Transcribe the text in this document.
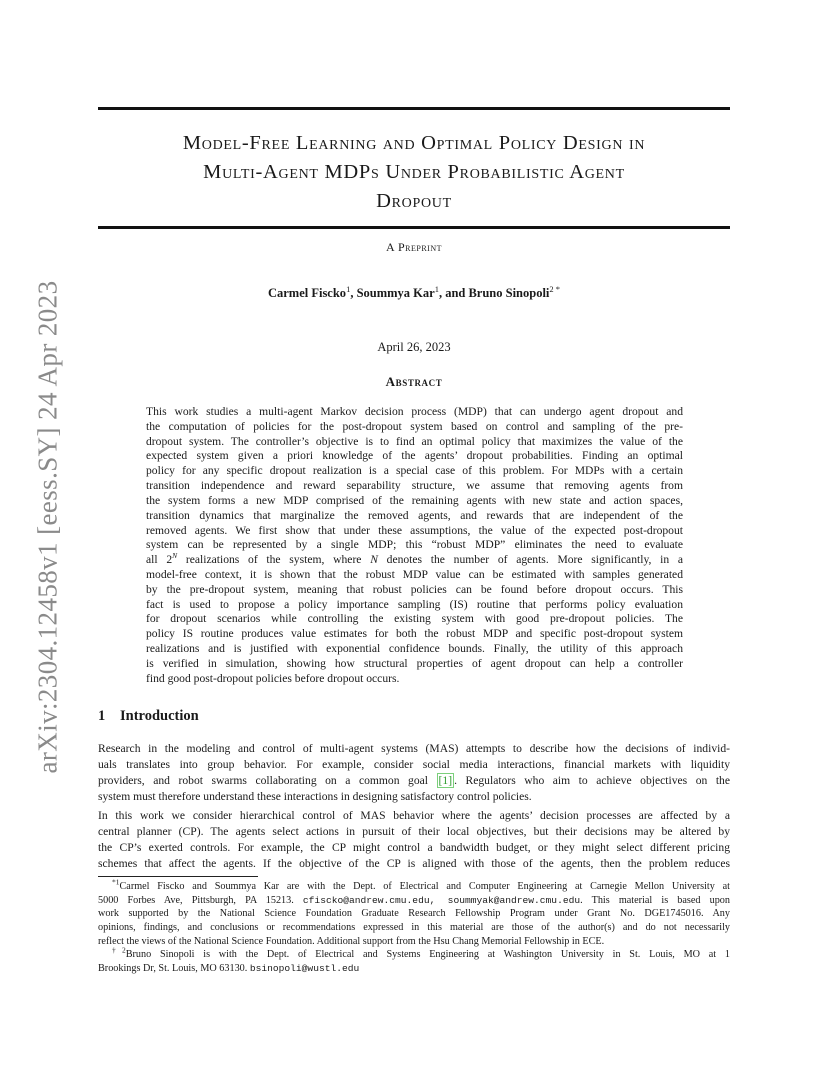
arXiv:2304.12458v1 [eess.SY] 24 Apr 2023
Model-Free Learning and Optimal Policy Design in
Multi-Agent MDPs Under Probabilistic Agent
Dropout
A Preprint
Carmel Fiscko$^1$, Soummya Kar$^1$, and Bruno Sinopoli$^{2 *}$
April 26, 2023
Abstract
This work studies a multi-agent Markov decision process (MDP) that can undergo agent dropout and
the computation of policies for the post-dropout system based on control and sampling of the pre-
dropout system. The controller’s objective is to find an optimal policy that maximizes the value of the
expected system given a priori knowledge of the agents’ dropout probabilities. Finding an optimal
policy for any specific dropout realization is a special case of this problem. For MDPs with a certain
transition independence and reward separability structure, we assume that removing agents from
the system forms a new MDP comprised of the remaining agents with new state and action spaces,
transition dynamics that marginalize the removed agents, and rewards that are independent of the
removed agents. We first show that under these assumptions, the value of the expected post-dropout
system can be represented by a single MDP; this “robust MDP” eliminates the need to evaluate
all $2^N$ realizations of the system, where N denotes the number of agents. More significantly, in a
model-free context, it is shown that the robust MDP value can be estimated with samples generated
by the pre-dropout system, meaning that robust policies can be found before dropout occurs. This
fact is used to propose a policy importance sampling (IS) routine that performs policy evaluation
for dropout scenarios while controlling the existing system with good pre-dropout policies. The
policy IS routine produces value estimates for both the robust MDP and specific post-dropout system
realizations and is justified with exponential confidence bounds. Finally, the utility of this approach
is verified in simulation, showing how structural properties of agent dropout can help a controller
find good post-dropout policies before dropout occurs.
1 Introduction
Research in the modeling and control of multi-agent systems (MAS) attempts to describe how the decisions of individ-
uals translates into group behavior. For example, consider social media interactions, financial markets with liquidity
providers, and robot swarms collaborating on a common goal [1] . Regulators who aim to achieve objectives on the
system must therefore understand these interactions in designing satisfactory control policies.
In this work we consider hierarchical control of MAS behavior where the agents’ decision processes are affected by a
central planner (CP). The agents select actions in pursuit of their local objectives, but their decisions may be altered by
the CP’s exerted controls. For example, the CP might control a bandwidth budget, or they might select different pricing
schemes that affect the agents. If the objective of the CP is aligned with those of the agents, then the problem reduces
$^{*1}$Carmel Fiscko and Soummya Kar are with the Dept. of Electrical and Computer Engineering at Carnegie Mellon University at
5000 Forbes Ave, Pittsburgh, PA 15213. cfiscko@andrew.cmu.edu, soummyak@andrew.cmu.edu. This material is based upon
work supported by the National Science Foundation Graduate Research Fellowship Program under Grant No. DGE1745016. Any
opinions, findings, and conclusions or recommendations expressed in this material are those of the author(s) and do not necessarily
reflect the views of the National Science Foundation. Additional support from the Hsu Chang Memorial Fellowship in ECE.
$^{\dagger 2}$Bruno Sinopoli is with the Dept. of Electrical and Systems Engineering at Washington University in St. Louis, MO at 1
Brookings Dr, St. Louis, MO 63130. bsinopoli@wustl.edu
